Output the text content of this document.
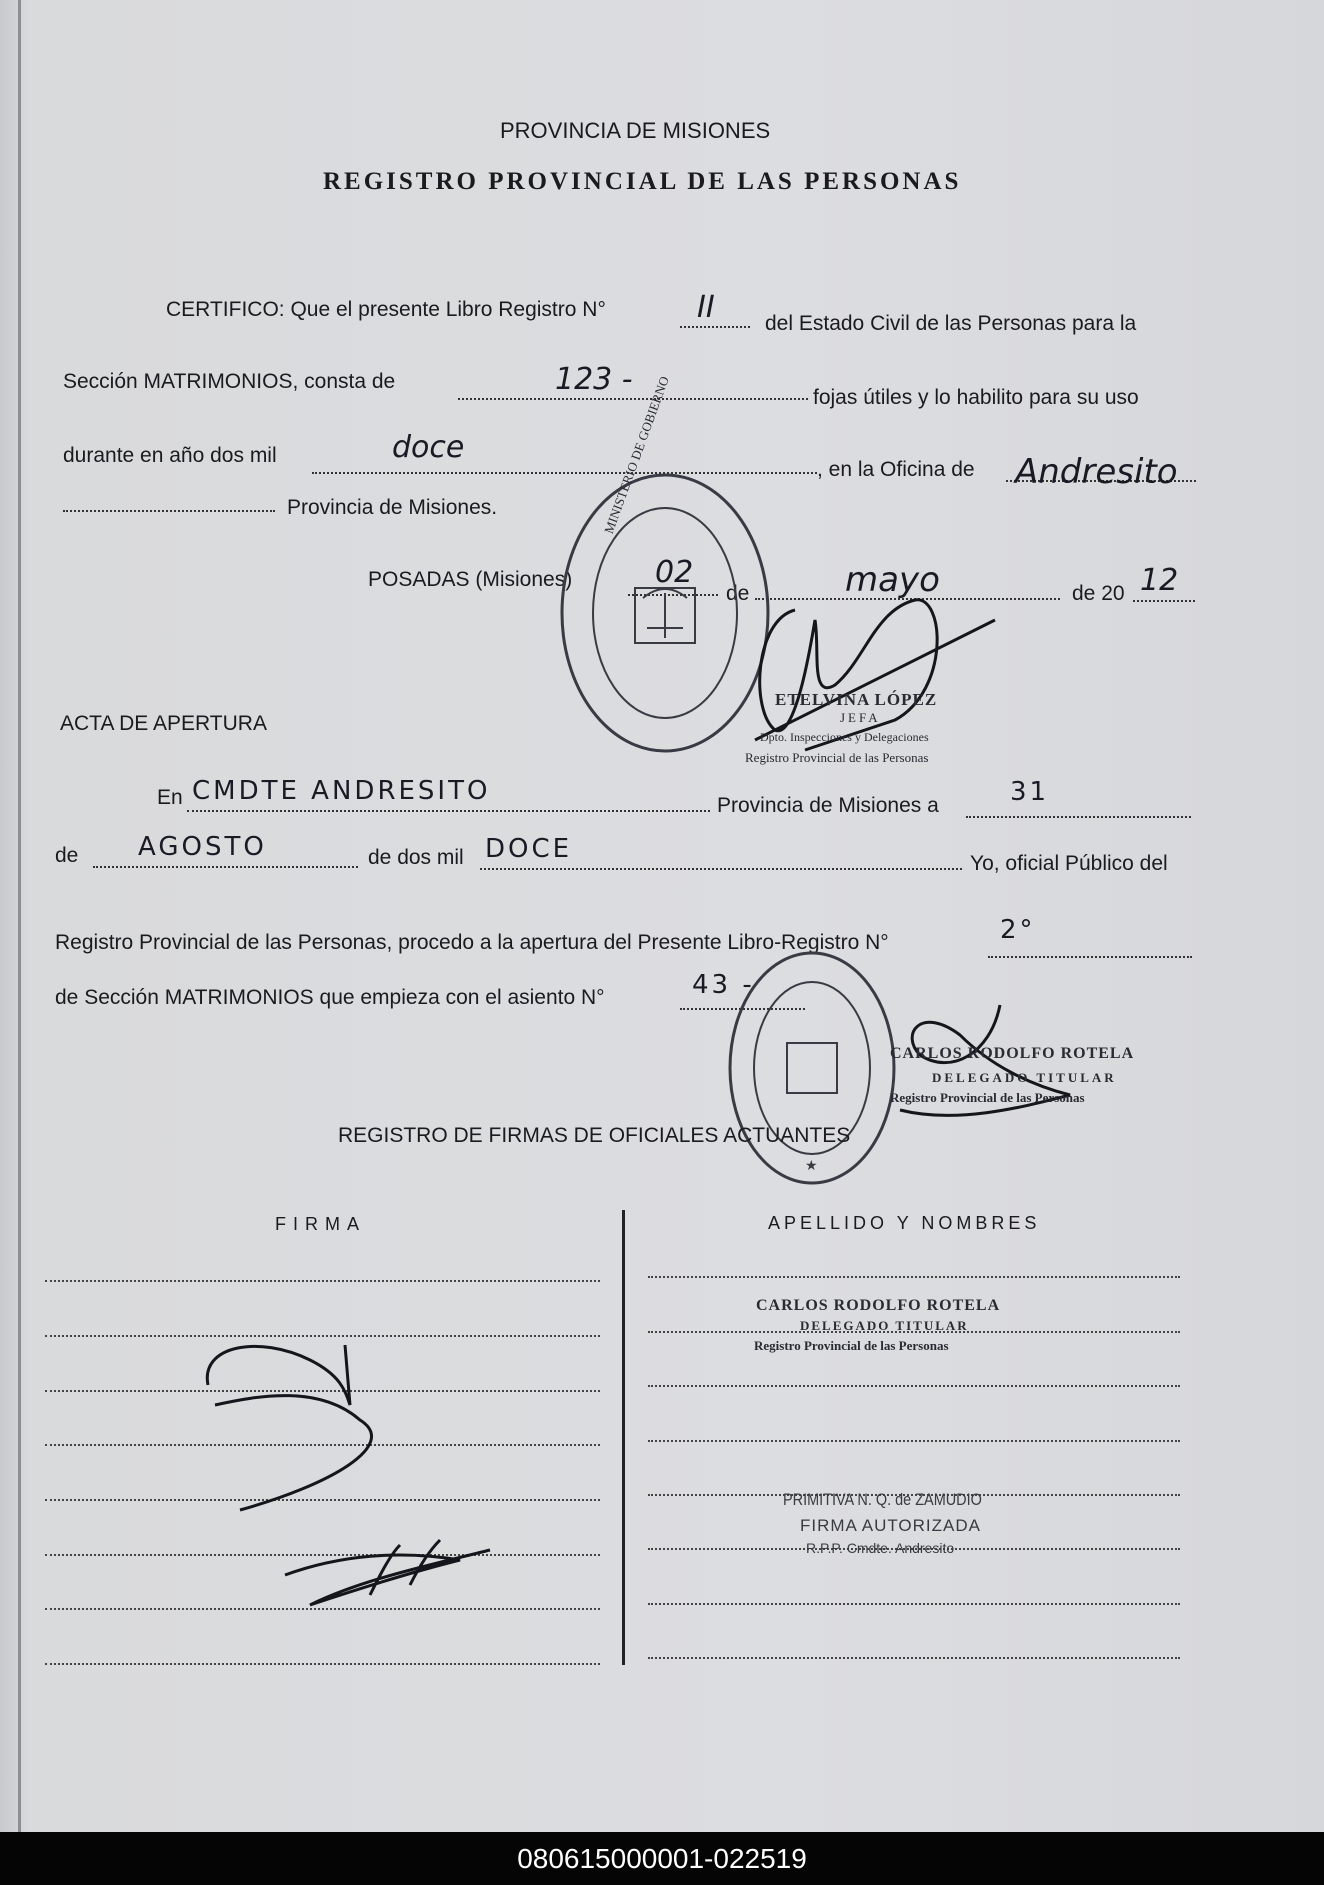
PROVINCIA DE MISIONES
REGISTRO PROVINCIAL DE LAS PERSONAS
CERTIFICO: Que el presente Libro Registro N°	II del Estado Civil de las Personas para la
Sección MATRIMONIOS, consta de	123 -
fojas útiles y lo habilito para su uso
durante en año dos mil	doce
, en la Oficina de Andresito
Provincia de Misiones.
POSADAS (Misiones)	02
de	mayo	de 20 12
MINISTERIO DE GOBIERNO
ETELVINA LÓPEZ
JEFA
Dpto. Inspecciones y Delegaciones
Registro Provincial de las Personas
ACTA DE APERTURA
En CMDTE ANDRESITO	Provincia de Misiones a	31
de AGOSTO	de dos mil DOCE	Yo, oficial Público del
Registro Provincial de las Personas, procedo a la apertura del Presente Libro-Registro N°	2°
de Sección MATRIMONIOS que empieza con el asiento N°	43 -
★
CARLOS RODOLFO ROTELA
DELEGADO TITULAR
Registro Provincial de las Personas
REGISTRO DE FIRMAS DE OFICIALES ACTUANTES
FIRMA	APELLIDO Y NOMBRES
CARLOS RODOLFO ROTELA
DELEGADO TITULAR
Registro Provincial de las Personas
PRIMITIVA N. Q. de ZAMUDIO
FIRMA AUTORIZADA
R.P.P. Cmdte. Andresito
080615000001-022519
